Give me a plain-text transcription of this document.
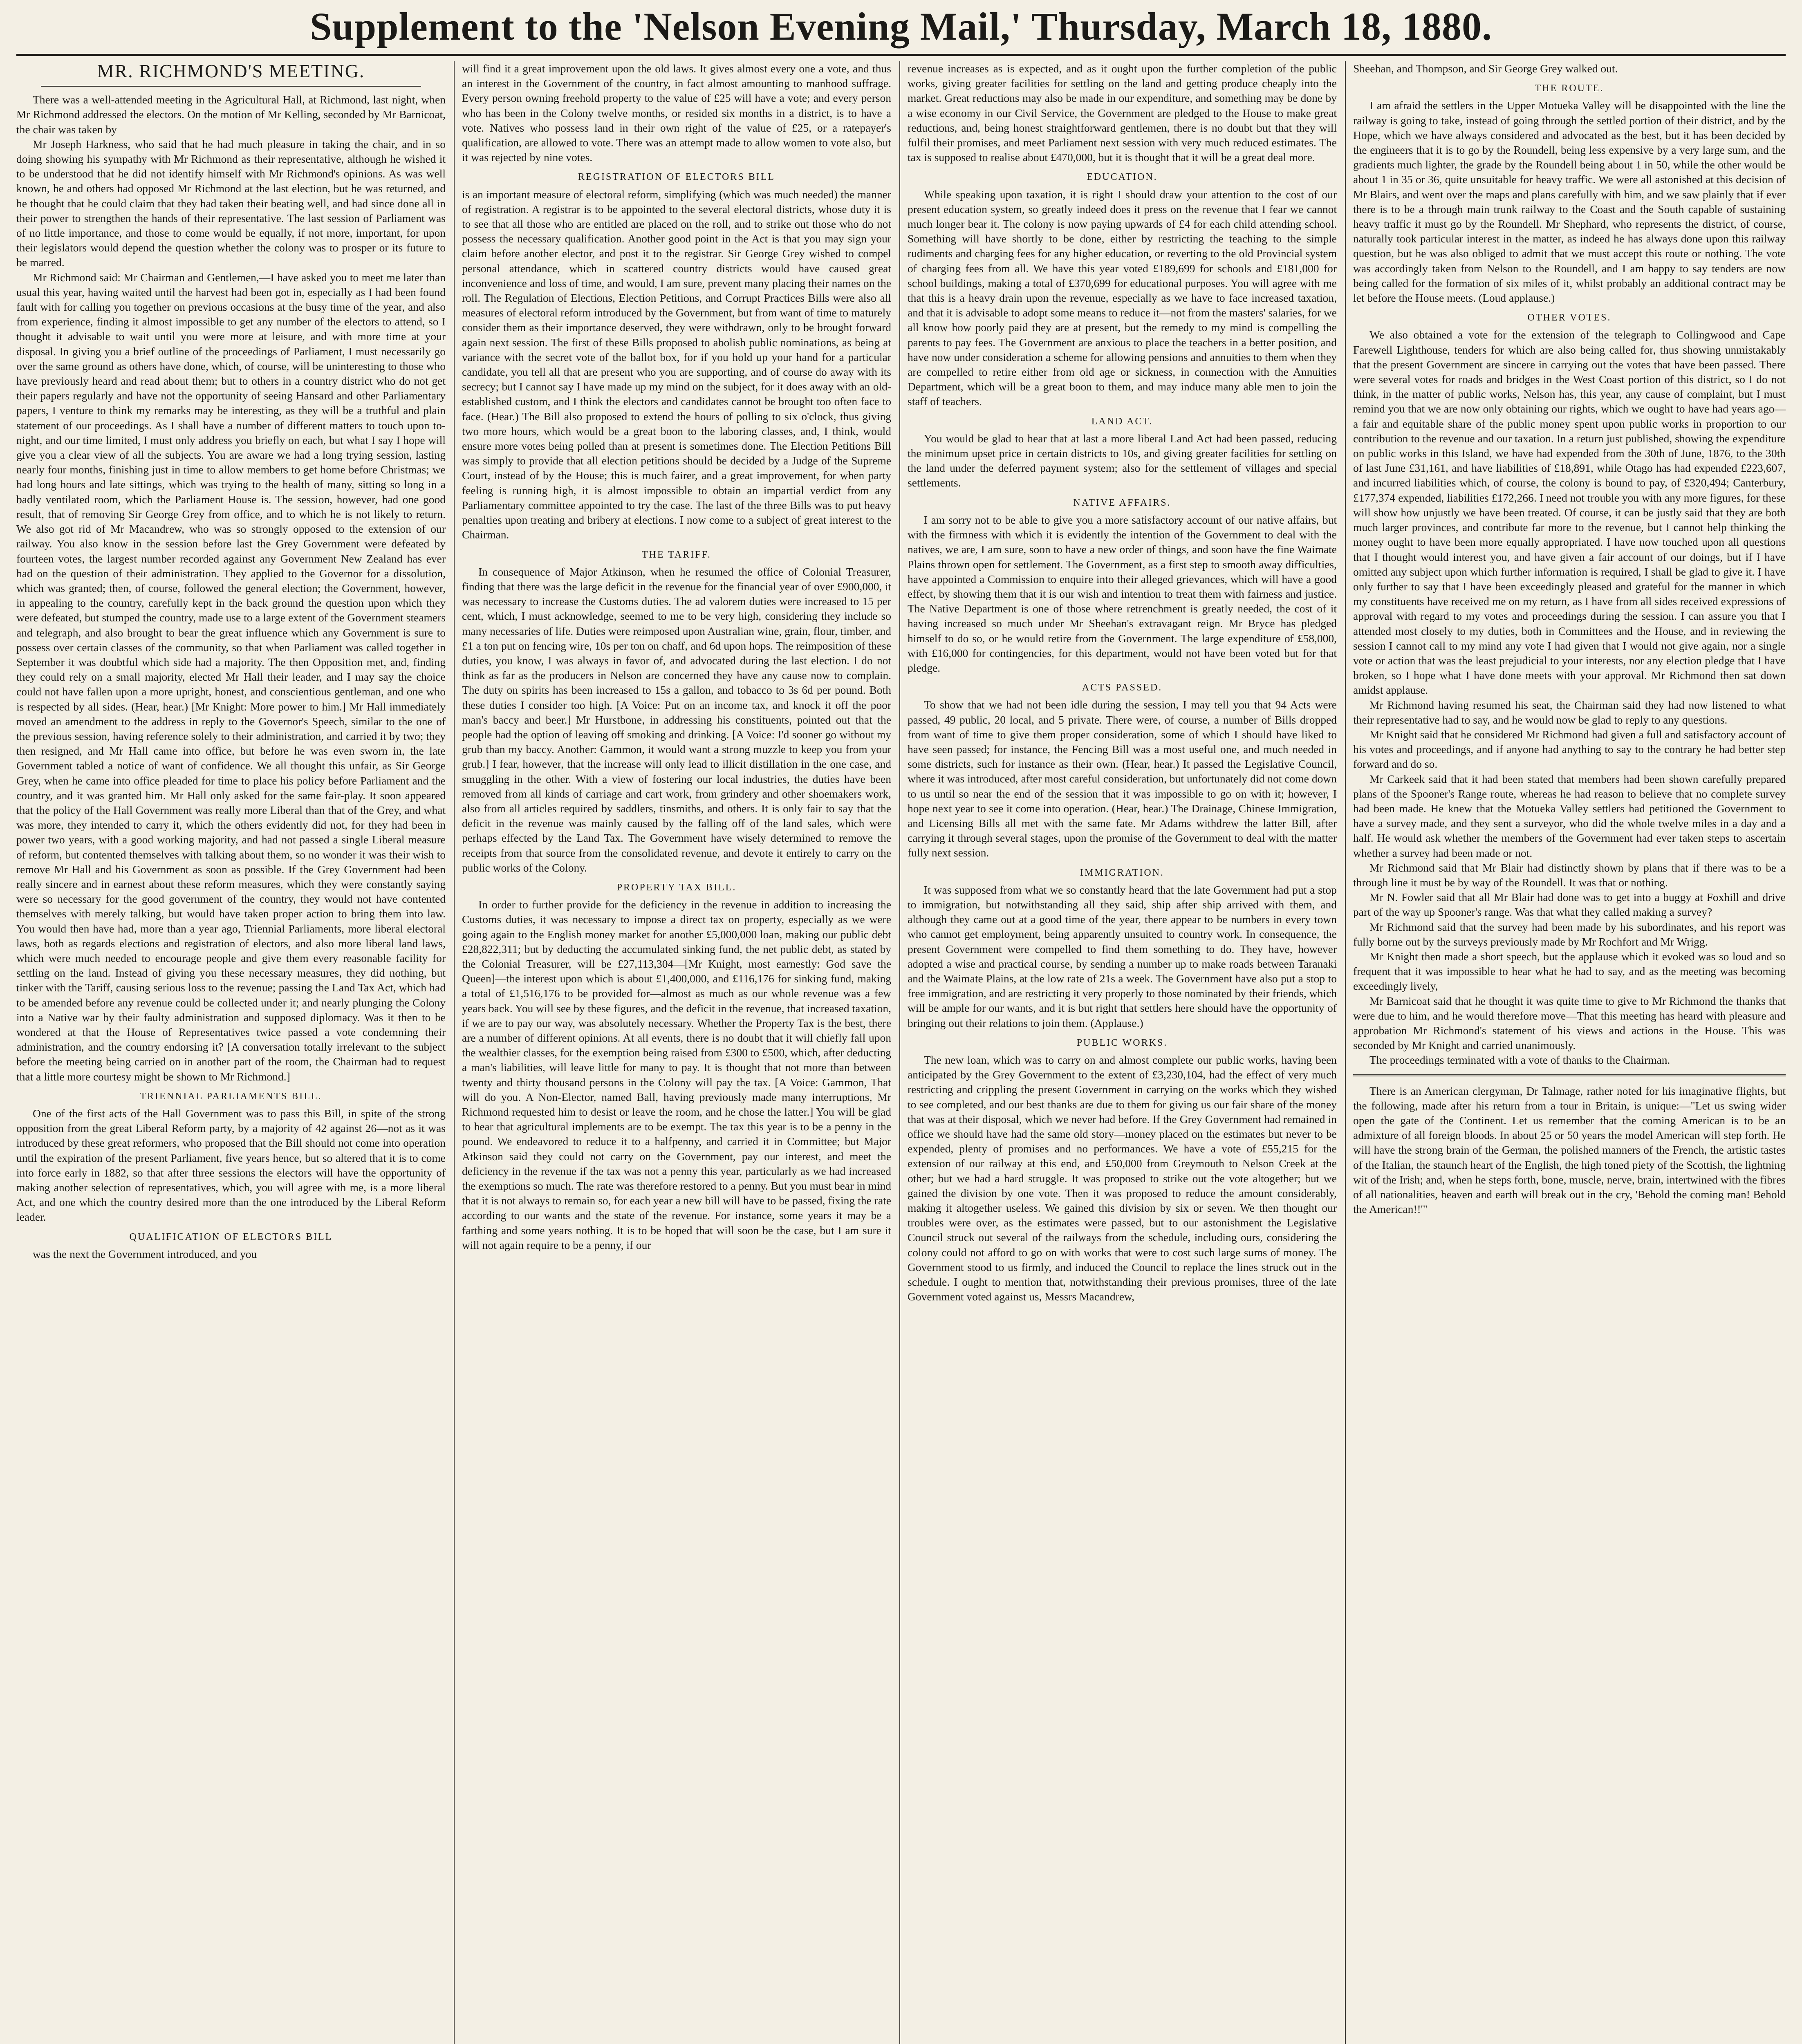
Supplement to the 'Nelson Evening Mail,' Thursday, March 18, 1880.
MR. RICHMOND'S MEETING.

There was a well-attended meeting in the Agricultural Hall, at Richmond, last night, when Mr Richmond addressed the electors. On the motion of Mr Kelling, seconded by Mr Barnicoat, the chair was taken by

Mr Joseph Harkness, who said that he had much pleasure in taking the chair, and in so doing showing his sympathy with Mr Richmond as their representative, although he wished it to be understood that he did not identify himself with Mr Richmond's opinions. As was well known, he and others had opposed Mr Richmond at the last election, but he was returned, and he thought that he could claim that they had taken their beating well, and had since done all in their power to strengthen the hands of their representative. The last session of Parliament was of no little importance, and those to come would be equally, if not more, important, for upon their legislators would depend the question whether the colony was to prosper or its future to be marred.

Mr Richmond said: Mr Chairman and Gentlemen,—I have asked you to meet me later than usual this year, having waited until the harvest had been got in, especially as I had been found fault with for calling you together on previous occasions at the busy time of the year, and also from experience, finding it almost impossible to get any number of the electors to attend, so I thought it advisable to wait until you were more at leisure, and with more time at your disposal. In giving you a brief outline of the proceedings of Parliament, I must necessarily go over the same ground as others have done, which, of course, will be uninteresting to those who have previously heard and read about them; but to others in a country district who do not get their papers regularly and have not the opportunity of seeing Hansard and other Parliamentary papers, I venture to think my remarks may be interesting, as they will be a truthful and plain statement of our proceedings. As I shall have a number of different matters to touch upon to-night, and our time limited, I must only address you briefly on each, but what I say I hope will give you a clear view of all the subjects. You are aware we had a long trying session, lasting nearly four months, finishing just in time to allow members to get home before Christmas; we had long hours and late sittings, which was trying to the health of many, sitting so long in a badly ventilated room, which the Parliament House is. The session, however, had one good result, that of removing Sir George Grey from office, and to which he is not likely to return. We also got rid of Mr Macandrew, who was so strongly opposed to the extension of our railway. You also know in the session before last the Grey Government were defeated by fourteen votes, the largest number recorded against any Government New Zealand has ever had on the question of their administration. They applied to the Governor for a dissolution, which was granted; then, of course, followed the general election; the Government, however, in appealing to the country, carefully kept in the back ground the question upon which they were defeated, but stumped the country, made use to a large extent of the Government steamers and telegraph, and also brought to bear the great influence which any Government is sure to possess over certain classes of the community, so that when Parliament was called together in September it was doubtful which side had a majority. The then Opposition met, and, finding they could rely on a small majority, elected Mr Hall their leader, and I may say the choice could not have fallen upon a more upright, honest, and conscientious gentleman, and one who is respected by all sides. (Hear, hear.) [Mr Knight: More power to him.] Mr Hall immediately moved an amendment to the address in reply to the Governor's Speech, similar to the one of the previous session, having reference solely to their administration, and carried it by two; they then resigned, and Mr Hall came into office, but before he was even sworn in, the late Government tabled a notice of want of confidence. We all thought this unfair, as Sir George Grey, when he came into office pleaded for time to place his policy before Parliament and the country, and it was granted him. Mr Hall only asked for the same fair-play. It soon appeared that the policy of the Hall Government was really more Liberal than that of the Grey, and what was more, they intended to carry it, which the others evidently did not, for they had been in power two years, with a good working majority, and had not passed a single Liberal measure of reform, but contented themselves with talking about them, so no wonder it was their wish to remove Mr Hall and his Government as soon as possible. If the Grey Government had been really sincere and in earnest about these reform measures, which they were constantly saying were so necessary for the good government of the country, they would not have contented themselves with merely talking, but would have taken proper action to bring them into law. You would then have had, more than a year ago, Triennial Parliaments, more liberal electoral laws, both as regards elections and registration of electors, and also more liberal land laws, which were much needed to encourage people and give them every reasonable facility for settling on the land. Instead of giving you these necessary measures, they did nothing, but tinker with the Tariff, causing serious loss to the revenue; passing the Land Tax Act, which had to be amended before any revenue could be collected under it; and nearly plunging the Colony into a Native war by their faulty administration and supposed diplomacy. Was it then to be wondered at that the House of Representatives twice passed a vote condemning their administration, and the country endorsing it? [A conversation totally irrelevant to the subject before the meeting being carried on in another part of the room, the Chairman had to request that a little more courtesy might be shown to Mr Richmond.]

TRIENNIAL PARLIAMENTS BILL.

One of the first acts of the Hall Government was to pass this Bill, in spite of the strong opposition from the great Liberal Reform party, by a majority of 42 against 26—not as it was introduced by these great reformers, who proposed that the Bill should not come into operation until the expiration of the present Parliament, five years hence, but so altered that it is to come into force early in 1882, so that after three sessions the electors will have the opportunity of making another selection of representatives, which, you will agree with me, is a more liberal Act, and one which the country desired more than the one introduced by the Liberal Reform leader.

QUALIFICATION OF ELECTORS BILL

was the next the Government introduced, and you

will find it a great improvement upon the old laws. It gives almost every one a vote, and thus an interest in the Government of the country, in fact almost amounting to manhood suffrage. Every person owning freehold property to the value of £25 will have a vote; and every person who has been in the Colony twelve months, or resided six months in a district, is to have a vote. Natives who possess land in their own right of the value of £25, or a ratepayer's qualification, are allowed to vote. There was an attempt made to allow women to vote also, but it was rejected by nine votes.

REGISTRATION OF ELECTORS BILL

is an important measure of electoral reform, simplifying (which was much needed) the manner of registration. A registrar is to be appointed to the several electoral districts, whose duty it is to see that all those who are entitled are placed on the roll, and to strike out those who do not possess the necessary qualification. Another good point in the Act is that you may sign your claim before another elector, and post it to the registrar. Sir George Grey wished to compel personal attendance, which in scattered country districts would have caused great inconvenience and loss of time, and would, I am sure, prevent many placing their names on the roll. The Regulation of Elections, Election Petitions, and Corrupt Practices Bills were also all measures of electoral reform introduced by the Government, but from want of time to maturely consider them as their importance deserved, they were withdrawn, only to be brought forward again next session. The first of these Bills proposed to abolish public nominations, as being at variance with the secret vote of the ballot box, for if you hold up your hand for a particular candidate, you tell all that are present who you are supporting, and of course do away with its secrecy; but I cannot say I have made up my mind on the subject, for it does away with an old-established custom, and I think the electors and candidates cannot be brought too often face to face. (Hear.) The Bill also proposed to extend the hours of polling to six o'clock, thus giving two more hours, which would be a great boon to the laboring classes, and, I think, would ensure more votes being polled than at present is sometimes done. The Election Petitions Bill was simply to provide that all election petitions should be decided by a Judge of the Supreme Court, instead of by the House; this is much fairer, and a great improvement, for when party feeling is running high, it is almost impossible to obtain an impartial verdict from any Parliamentary committee appointed to try the case. The last of the three Bills was to put heavy penalties upon treating and bribery at elections. I now come to a subject of great interest to the Chairman.

THE TARIFF.

In consequence of Major Atkinson, when he resumed the office of Colonial Treasurer, finding that there was the large deficit in the revenue for the financial year of over £900,000, it was necessary to increase the Customs duties. The ad valorem duties were increased to 15 per cent, which, I must acknowledge, seemed to me to be very high, considering they include so many necessaries of life. Duties were reimposed upon Australian wine, grain, flour, timber, and £1 a ton put on fencing wire, 10s per ton on chaff, and 6d upon hops. The reimposition of these duties, you know, I was always in favor of, and advocated during the last election. I do not think as far as the producers in Nelson are concerned they have any cause now to complain. The duty on spirits has been increased to 15s a gallon, and tobacco to 3s 6d per pound. Both these duties I consider too high. [A Voice: Put on an income tax, and knock it off the poor man's baccy and beer.] Mr Hurstbone, in addressing his constituents, pointed out that the people had the option of leaving off smoking and drinking. [A Voice: I'd sooner go without my grub than my baccy. Another: Gammon, it would want a strong muzzle to keep you from your grub.] I fear, however, that the increase will only lead to illicit distillation in the one case, and smuggling in the other. With a view of fostering our local industries, the duties have been removed from all kinds of carriage and cart work, from grindery and other shoemakers work, also from all articles required by saddlers, tinsmiths, and others. It is only fair to say that the deficit in the revenue was mainly caused by the falling off of the land sales, which were perhaps effected by the Land Tax. The Government have wisely determined to remove the receipts from that source from the consolidated revenue, and devote it entirely to carry on the public works of the Colony.

PROPERTY TAX BILL.

In order to further provide for the deficiency in the revenue in addition to increasing the Customs duties, it was necessary to impose a direct tax on property, especially as we were going again to the English money market for another £5,000,000 loan, making our public debt £28,822,311; but by deducting the accumulated sinking fund, the net public debt, as stated by the Colonial Treasurer, will be £27,113,304—[Mr Knight, most earnestly: God save the Queen]—the interest upon which is about £1,400,000, and £116,176 for sinking fund, making a total of £1,516,176 to be provided for—almost as much as our whole revenue was a few years back. You will see by these figures, and the deficit in the revenue, that increased taxation, if we are to pay our way, was absolutely necessary. Whether the Property Tax is the best, there are a number of different opinions. At all events, there is no doubt that it will chiefly fall upon the wealthier classes, for the exemption being raised from £300 to £500, which, after deducting a man's liabilities, will leave little for many to pay. It is thought that not more than between twenty and thirty thousand persons in the Colony will pay the tax. [A Voice: Gammon, That will do you. A Non-Elector, named Ball, having previously made many interruptions, Mr Richmond requested him to desist or leave the room, and he chose the latter.] You will be glad to hear that agricultural implements are to be exempt. The tax this year is to be a penny in the pound. We endeavored to reduce it to a halfpenny, and carried it in Committee; but Major Atkinson said they could not carry on the Government, pay our interest, and meet the deficiency in the revenue if the tax was not a penny this year, particularly as we had increased the exemptions so much. The rate was therefore restored to a penny. But you must bear in mind that it is not always to remain so, for each year a new bill will have to be passed, fixing the rate according to our wants and the state of the revenue. For instance, some years it may be a farthing and some years nothing. It is to be hoped that will soon be the case, but I am sure it will not again require to be a penny, if our

revenue increases as is expected, and as it ought upon the further completion of the public works, giving greater facilities for settling on the land and getting produce cheaply into the market. Great reductions may also be made in our expenditure, and something may be done by a wise economy in our Civil Service, the Government are pledged to the House to make great reductions, and, being honest straightforward gentlemen, there is no doubt but that they will fulfil their promises, and meet Parliament next session with very much reduced estimates. The tax is supposed to realise about £470,000, but it is thought that it will be a great deal more.

EDUCATION.

While speaking upon taxation, it is right I should draw your attention to the cost of our present education system, so greatly indeed does it press on the revenue that I fear we cannot much longer bear it. The colony is now paying upwards of £4 for each child attending school. Something will have shortly to be done, either by restricting the teaching to the simple rudiments and charging fees for any higher education, or reverting to the old Provincial system of charging fees from all. We have this year voted £189,699 for schools and £181,000 for school buildings, making a total of £370,699 for educational purposes. You will agree with me that this is a heavy drain upon the revenue, especially as we have to face increased taxation, and that it is advisable to adopt some means to reduce it—not from the masters' salaries, for we all know how poorly paid they are at present, but the remedy to my mind is compelling the parents to pay fees. The Government are anxious to place the teachers in a better position, and have now under consideration a scheme for allowing pensions and annuities to them when they are compelled to retire either from old age or sickness, in connection with the Annuities Department, which will be a great boon to them, and may induce many able men to join the staff of teachers.

LAND ACT.

You would be glad to hear that at last a more liberal Land Act had been passed, reducing the minimum upset price in certain districts to 10s, and giving greater facilities for settling on the land under the deferred payment system; also for the settlement of villages and special settlements.

NATIVE AFFAIRS.

I am sorry not to be able to give you a more satisfactory account of our native affairs, but with the firmness with which it is evidently the intention of the Government to deal with the natives, we are, I am sure, soon to have a new order of things, and soon have the fine Waimate Plains thrown open for settlement. The Government, as a first step to smooth away difficulties, have appointed a Commission to enquire into their alleged grievances, which will have a good effect, by showing them that it is our wish and intention to treat them with fairness and justice. The Native Department is one of those where retrenchment is greatly needed, the cost of it having increased so much under Mr Sheehan's extravagant reign. Mr Bryce has pledged himself to do so, or he would retire from the Government. The large expenditure of £58,000, with £16,000 for contingencies, for this department, would not have been voted but for that pledge.

ACTS PASSED.

To show that we had not been idle during the session, I may tell you that 94 Acts were passed, 49 public, 20 local, and 5 private. There were, of course, a number of Bills dropped from want of time to give them proper consideration, some of which I should have liked to have seen passed; for instance, the Fencing Bill was a most useful one, and much needed in some districts, such for instance as their own. (Hear, hear.) It passed the Legislative Council, where it was introduced, after most careful consideration, but unfortunately did not come down to us until so near the end of the session that it was impossible to go on with it; however, I hope next year to see it come into operation. (Hear, hear.) The Drainage, Chinese Immigration, and Licensing Bills all met with the same fate. Mr Adams withdrew the latter Bill, after carrying it through several stages, upon the promise of the Government to deal with the matter fully next session.

IMMIGRATION.

It was supposed from what we so constantly heard that the late Government had put a stop to immigration, but notwithstanding all they said, ship after ship arrived with them, and although they came out at a good time of the year, there appear to be numbers in every town who cannot get employment, being apparently unsuited to country work. In consequence, the present Government were compelled to find them something to do. They have, however adopted a wise and practical course, by sending a number up to make roads between Taranaki and the Waimate Plains, at the low rate of 21s a week. The Government have also put a stop to free immigration, and are restricting it very properly to those nominated by their friends, which will be ample for our wants, and it is but right that settlers here should have the opportunity of bringing out their relations to join them. (Applause.)

PUBLIC WORKS.

The new loan, which was to carry on and almost complete our public works, having been anticipated by the Grey Government to the extent of £3,230,104, had the effect of very much restricting and crippling the present Government in carrying on the works which they wished to see completed, and our best thanks are due to them for giving us our fair share of the money that was at their disposal, which we never had before. If the Grey Government had remained in office we should have had the same old story—money placed on the estimates but never to be expended, plenty of promises and no performances. We have a vote of £55,215 for the extension of our railway at this end, and £50,000 from Greymouth to Nelson Creek at the other; but we had a hard struggle. It was proposed to strike out the vote altogether; but we gained the division by one vote. Then it was proposed to reduce the amount considerably, making it altogether useless. We gained this division by six or seven. We then thought our troubles were over, as the estimates were passed, but to our astonishment the Legislative Council struck out several of the railways from the schedule, including ours, considering the colony could not afford to go on with works that were to cost such large sums of money. The Government stood to us firmly, and induced the Council to replace the lines struck out in the schedule. I ought to mention that, notwithstanding their previous promises, three of the late Government voted against us, Messrs Macandrew,

Sheehan, and Thompson, and Sir George Grey walked out.

THE ROUTE.

I am afraid the settlers in the Upper Motueka Valley will be disappointed with the line the railway is going to take, instead of going through the settled portion of their district, and by the Hope, which we have always considered and advocated as the best, but it has been decided by the engineers that it is to go by the Roundell, being less expensive by a very large sum, and the gradients much lighter, the grade by the Roundell being about 1 in 50, while the other would be about 1 in 35 or 36, quite unsuitable for heavy traffic. We were all astonished at this decision of Mr Blairs, and went over the maps and plans carefully with him, and we saw plainly that if ever there is to be a through main trunk railway to the Coast and the South capable of sustaining heavy traffic it must go by the Roundell. Mr Shephard, who represents the district, of course, naturally took particular interest in the matter, as indeed he has always done upon this railway question, but he was also obliged to admit that we must accept this route or nothing. The vote was accordingly taken from Nelson to the Roundell, and I am happy to say tenders are now being called for the formation of six miles of it, whilst probably an additional contract may be let before the House meets. (Loud applause.)

OTHER VOTES.

We also obtained a vote for the extension of the telegraph to Collingwood and Cape Farewell Lighthouse, tenders for which are also being called for, thus showing unmistakably that the present Government are sincere in carrying out the votes that have been passed. There were several votes for roads and bridges in the West Coast portion of this district, so I do not think, in the matter of public works, Nelson has, this year, any cause of complaint, but I must remind you that we are now only obtaining our rights, which we ought to have had years ago—a fair and equitable share of the public money spent upon public works in proportion to our contribution to the revenue and our taxation. In a return just published, showing the expenditure on public works in this Island, we have had expended from the 30th of June, 1876, to the 30th of last June £31,161, and have liabilities of £18,891, while Otago has had expended £223,607, and incurred liabilities which, of course, the colony is bound to pay, of £320,494; Canterbury, £177,374 expended, liabilities £172,266. I need not trouble you with any more figures, for these will show how unjustly we have been treated. Of course, it can be justly said that they are both much larger provinces, and contribute far more to the revenue, but I cannot help thinking the money ought to have been more equally appropriated. I have now touched upon all questions that I thought would interest you, and have given a fair account of our doings, but if I have omitted any subject upon which further information is required, I shall be glad to give it. I have only further to say that I have been exceedingly pleased and grateful for the manner in which my constituents have received me on my return, as I have from all sides received expressions of approval with regard to my votes and proceedings during the session. I can assure you that I attended most closely to my duties, both in Committees and the House, and in reviewing the session I cannot call to my mind any vote I had given that I would not give again, nor a single vote or action that was the least prejudicial to your interests, nor any election pledge that I have broken, so I hope what I have done meets with your approval. Mr Richmond then sat down amidst applause.

Mr Richmond having resumed his seat, the Chairman said they had now listened to what their representative had to say, and he would now be glad to reply to any questions.

Mr Knight said that he considered Mr Richmond had given a full and satisfactory account of his votes and proceedings, and if anyone had anything to say to the contrary he had better step forward and do so.

Mr Carkeek said that it had been stated that members had been shown carefully prepared plans of the Spooner's Range route, whereas he had reason to believe that no complete survey had been made. He knew that the Motueka Valley settlers had petitioned the Government to have a survey made, and they sent a surveyor, who did the whole twelve miles in a day and a half. He would ask whether the members of the Government had ever taken steps to ascertain whether a survey had been made or not.

Mr Richmond said that Mr Blair had distinctly shown by plans that if there was to be a through line it must be by way of the Roundell. It was that or nothing.

Mr N. Fowler said that all Mr Blair had done was to get into a buggy at Foxhill and drive part of the way up Spooner's range. Was that what they called making a survey?

Mr Richmond said that the survey had been made by his subordinates, and his report was fully borne out by the surveys previously made by Mr Rochfort and Mr Wrigg.

Mr Knight then made a short speech, but the applause which it evoked was so loud and so frequent that it was impossible to hear what he had to say, and as the meeting was becoming exceedingly lively,

Mr Barnicoat said that he thought it was quite time to give to Mr Richmond the thanks that were due to him, and he would therefore move—That this meeting has heard with pleasure and approbation Mr Richmond's statement of his views and actions in the House. This was seconded by Mr Knight and carried unanimously.

The proceedings terminated with a vote of thanks to the Chairman.

There is an American clergyman, Dr Talmage, rather noted for his imaginative flights, but the following, made after his return from a tour in Britain, is unique:—"Let us swing wider open the gate of the Continent. Let us remember that the coming American is to be an admixture of all foreign bloods. In about 25 or 50 years the model American will step forth. He will have the strong brain of the German, the polished manners of the French, the artistic tastes of the Italian, the staunch heart of the English, the high toned piety of the Scottish, the lightning wit of the Irish; and, when he steps forth, bone, muscle, nerve, brain, intertwined with the fibres of all nationalities, heaven and earth will break out in the cry, 'Behold the coming man! Behold the American!!'"
